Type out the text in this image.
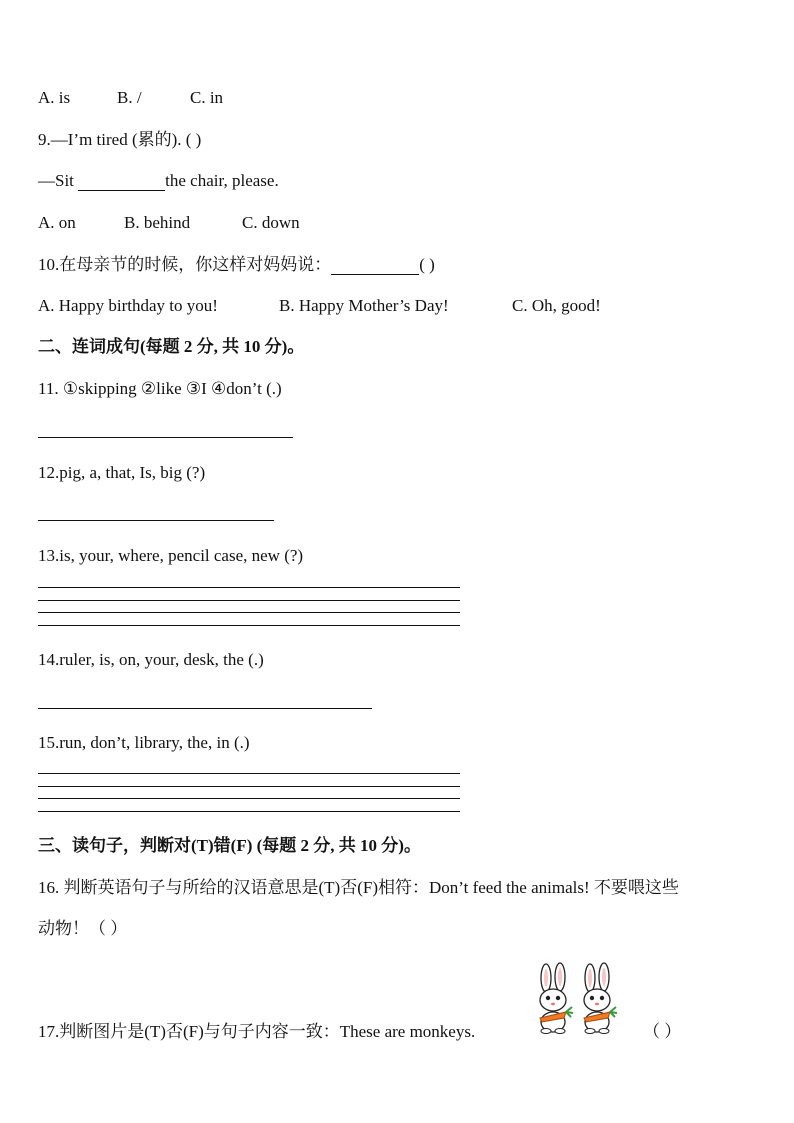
A. is	B. /	C. in
9.—I’m tired (累的). ( )
—Sit	the chair, please.
A. on	B. behind	C. down
10.在母亲节的时候，你这样对妈妈说：	( )
A. Happy birthday to you!	B. Happy Mother’s Day!	C. Oh, good!
二、连词成句(每题 2 分, 共 10 分)。
11. ①skipping ②like ③I ④don’t (.)
12.pig, a, that, Is, big (?)
13.is, your, where, pencil case, new (?)
14.ruler, is, on, your, desk, the (.)
15.run, don’t, library, the, in (.)
三、读句子，判断对(T)错(F) (每题 2 分, 共 10 分)。
16. 判断英语句子与所给的汉语意思是(T)否(F)相符：Don’t feed the animals! 不要喂这些
动物！（ ）
17.判断图片是(T)否(F)与句子内容一致：These are monkeys.	（ ）
